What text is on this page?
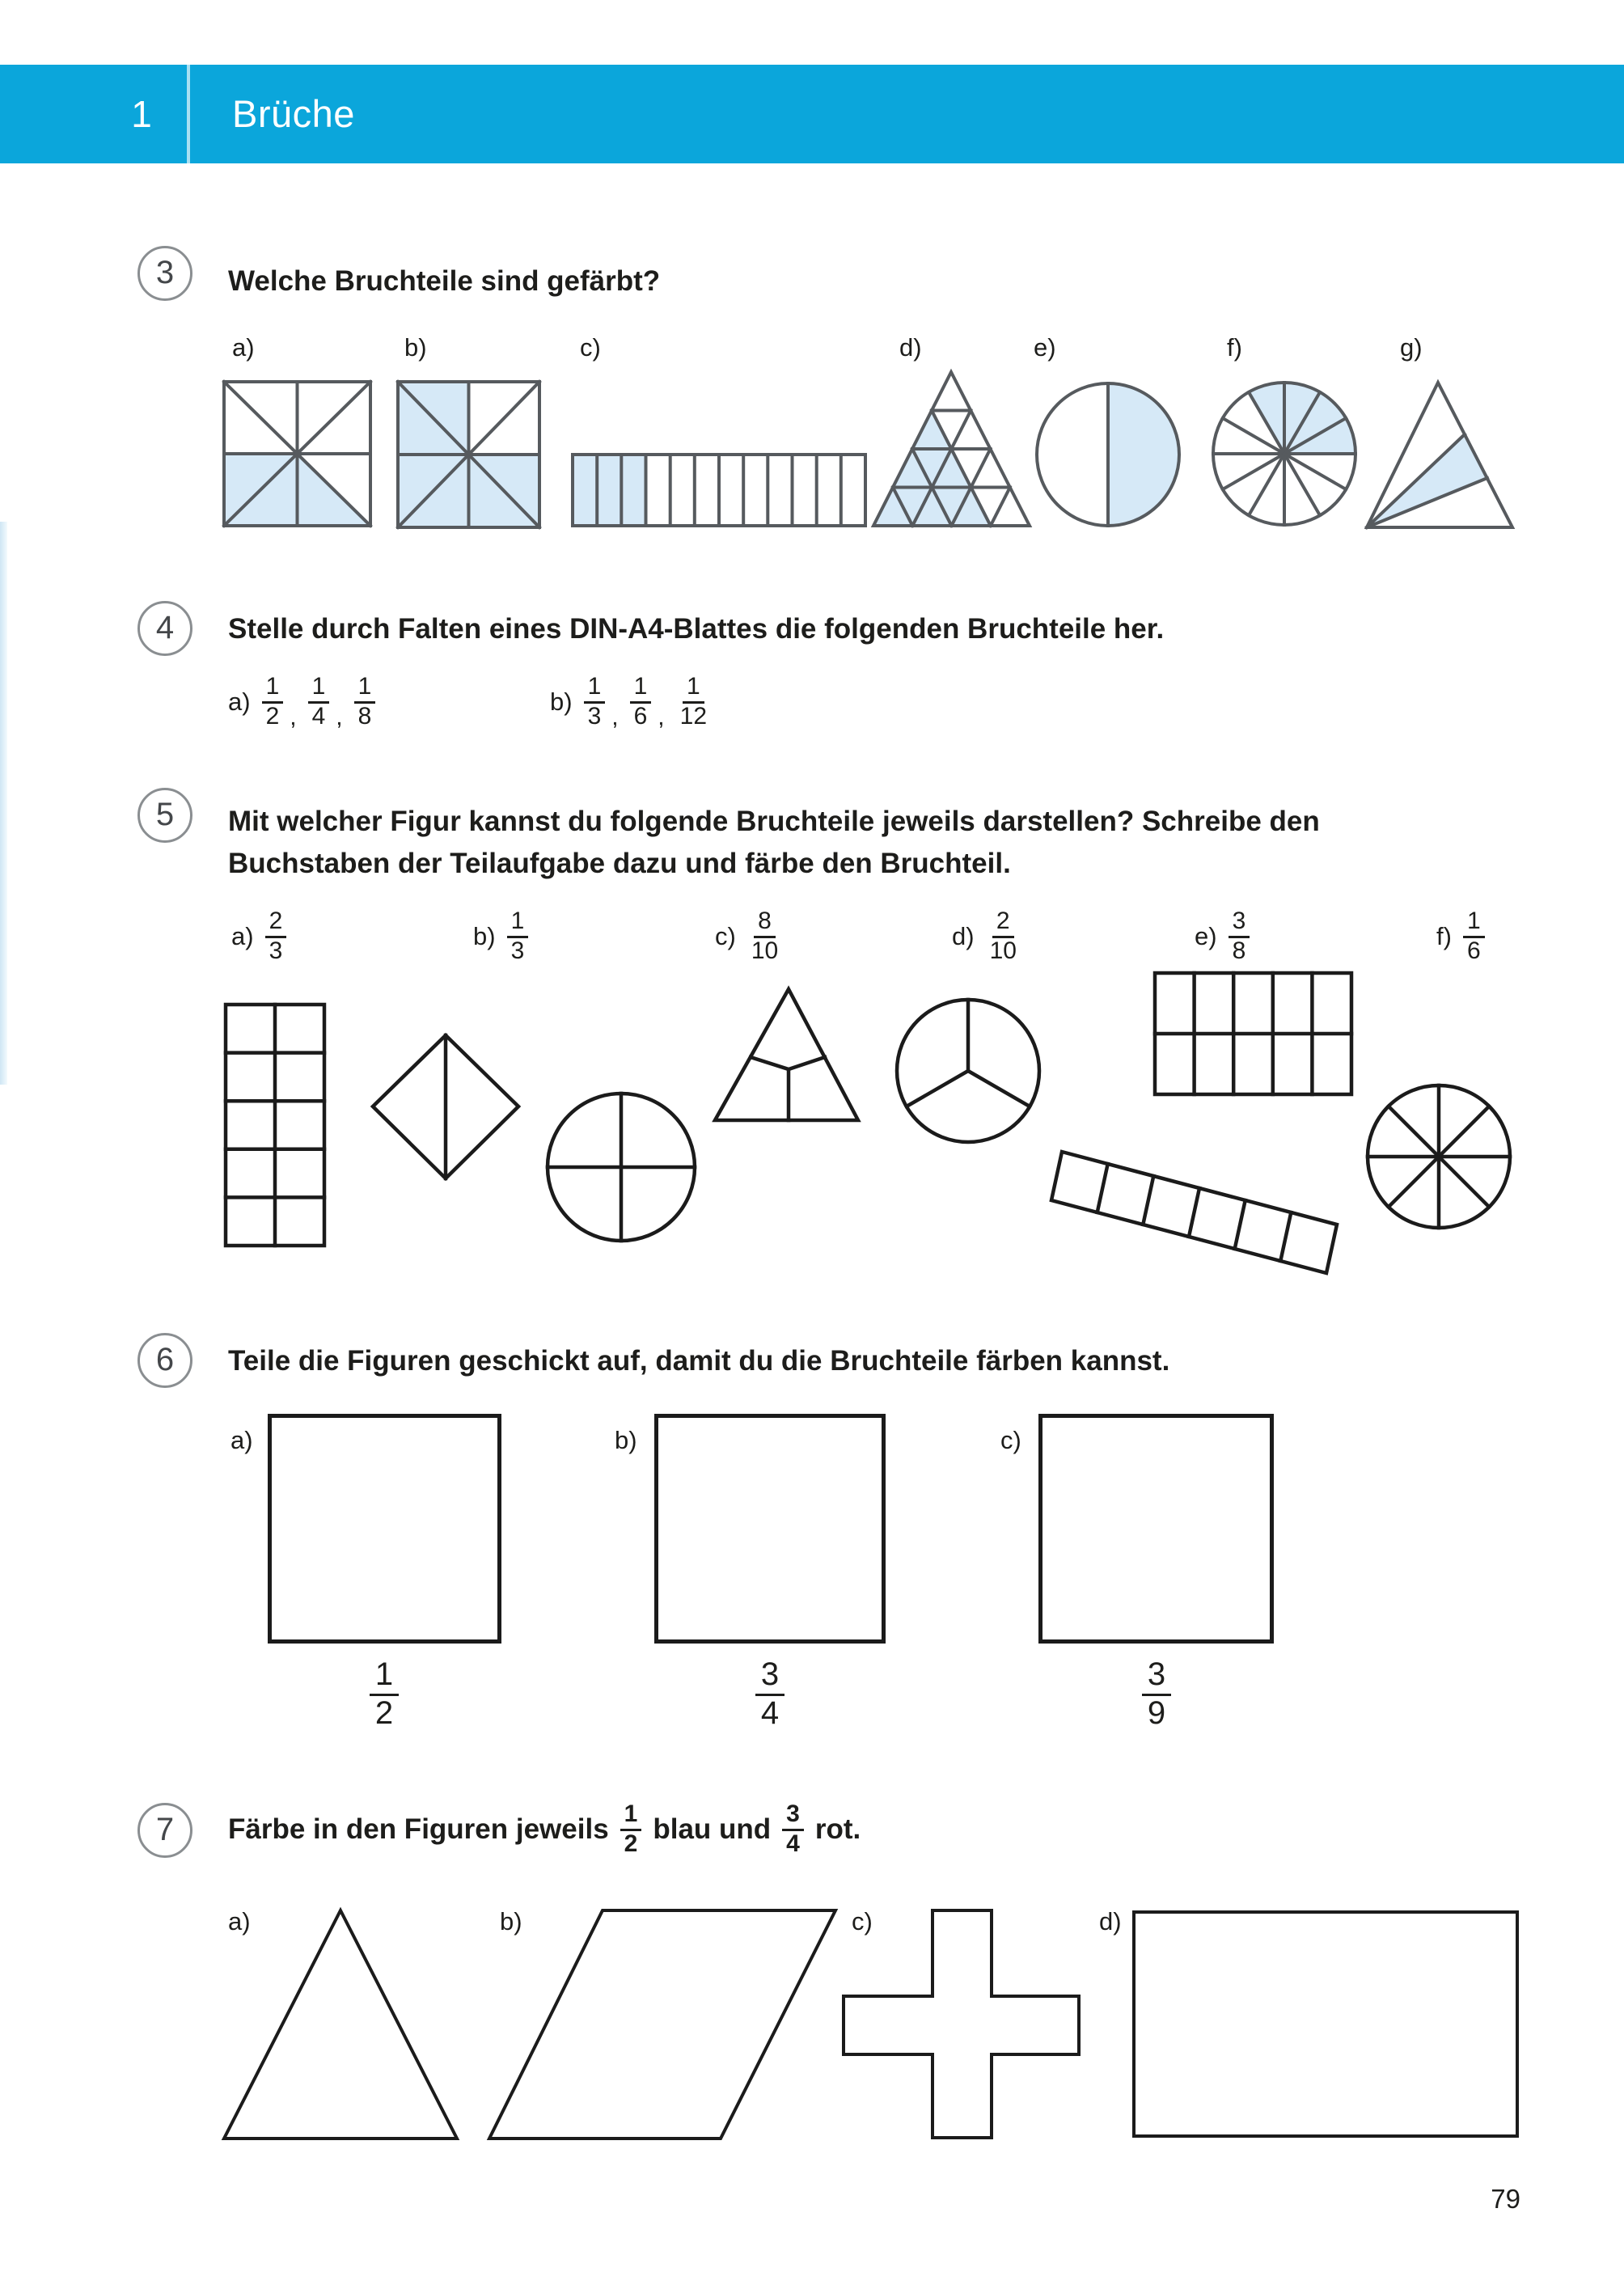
1	Brüche
3	Welche Bruchteile sind gefärbt?
a)	b)	c)	d)	e)	f)	g)
4	Stelle durch Falten eines DIN-A4-Blattes die folgenden Bruchteile her.
$a) \frac{1}{2}$ , $\frac{1}{4}$ , $\frac{1}{8}$	$b) \frac{1}{3}$ , $\frac{1}{6}$ , $\frac{1}{12}$
5	Mit welcher Figur kannst du folgende Bruchteile jeweils darstellen? Schreibe den
Buchstaben der Teilaufgabe dazu und färbe den Bruchteil.
$a) \frac{2}{3}$	$b) \frac{1}{3}$	$c) \frac{8}{10}$	$d) \frac{2}{10}$	$e) \frac{3}{8}$	$f) \frac{1}{6}$
6	Teile die Figuren geschickt auf, damit du die Bruchteile färben kannst.
a)	b)	c)
$\frac{1}{2}$	$\frac{3}{4}$	$\frac{3}{9}$
7	Färbe in den Figuren jeweils $\frac{1}{2}$ blau und $\frac{3}{4}$ rot.
a)	b)	c)	d)
79
